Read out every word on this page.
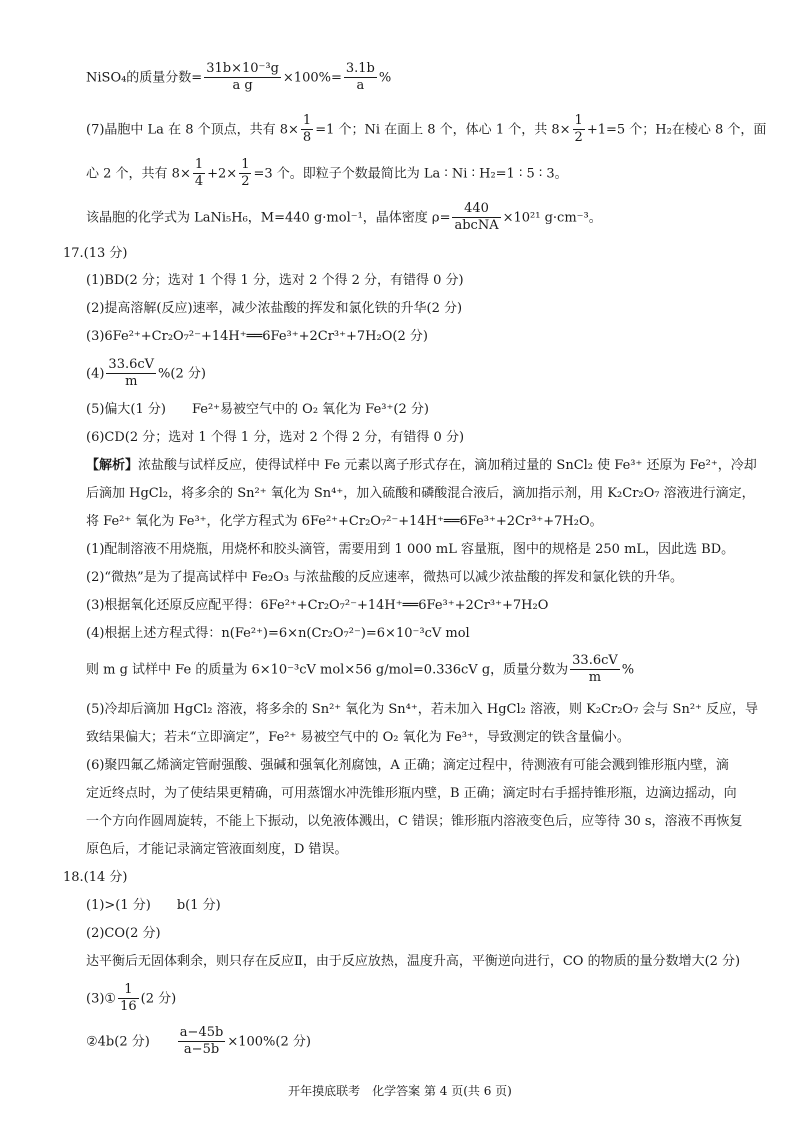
NiSO₄的质量分数= $\frac{\text{31b×10⁻³g}}{\text{a g}} \times 100\%= \frac{3.1b}{a}$ %
(7)晶胞中 La 在 8 个顶点，共有 $8\times \frac{1}{8} =1$ 个；Ni 在面上 8 个，体心 1 个，共 $8\times \frac{1}{2} +1=5$ 个；H₂在棱心 8 个，面
心 2 个，共有 $8\times \frac{1}{4} +2\times \frac{1}{2} =3$ 个。即粒子个数最简比为 La ∶ Ni ∶ H₂=1 ∶ 5 ∶ 3。
该晶胞的化学式为 LaNi₅H₆，M=440 g·mol⁻¹，晶体密度 $\rho= \frac{440}{\text{abcNA}} \times 10^{21}$ g·cm⁻³。
17.(13 分)
(1)BD(2 分；选对 1 个得 1 分，选对 2 个得 2 分，有错得 0 分)
(2)提高溶解(反应)速率，减少浓盐酸的挥发和氯化铁的升华(2 分)
(3)6Fe²⁺+Cr₂O₇²⁻+14H⁺══6Fe³⁺+2Cr³⁺+7H₂O(2 分)
$(4) \frac{33.6cV}{m} \%(2$ 分)
(5)偏大(1 分)　　Fe²⁺易被空气中的 O₂ 氧化为 Fe³⁺(2 分)
(6)CD(2 分；选对 1 个得 1 分，选对 2 个得 2 分，有错得 0 分)
【解析】浓盐酸与试样反应，使得试样中 Fe 元素以离子形式存在，滴加稍过量的 SnCl₂ 使 Fe³⁺ 还原为 Fe²⁺，冷却
后滴加 HgCl₂，将多余的 Sn²⁺ 氧化为 Sn⁴⁺，加入硫酸和磷酸混合液后，滴加指示剂，用 K₂Cr₂O₇ 溶液进行滴定，
将 Fe²⁺ 氧化为 Fe³⁺，化学方程式为 6Fe²⁺+Cr₂O₇²⁻+14H⁺══6Fe³⁺+2Cr³⁺+7H₂O。
(1)配制溶液不用烧瓶，用烧杯和胶头滴管，需要用到 1 000 mL 容量瓶，图中的规格是 250 mL，因此选 BD。
(2)“微热”是为了提高试样中 Fe₂O₃ 与浓盐酸的反应速率，微热可以减少浓盐酸的挥发和氯化铁的升华。
(3)根据氧化还原反应配平得：6Fe²⁺+Cr₂O₇²⁻+14H⁺══6Fe³⁺+2Cr³⁺+7H₂O
(4)根据上述方程式得：n(Fe²⁺)=6×n(Cr₂O₇²⁻)=6×10⁻³cV mol
则 m g 试样中 Fe 的质量为 6×10⁻³cV mol×56 g/mol=0.336cV g，质量分数为 $\frac{33.6cV}{m}$ %
(5)冷却后滴加 HgCl₂ 溶液，将多余的 Sn²⁺ 氧化为 Sn⁴⁺，若未加入 HgCl₂ 溶液，则 K₂Cr₂O₇ 会与 Sn²⁺ 反应，导
致结果偏大；若未“立即滴定”，Fe²⁺ 易被空气中的 O₂ 氧化为 Fe³⁺，导致测定的铁含量偏小。
(6)聚四氟乙烯滴定管耐强酸、强碱和强氧化剂腐蚀，A 正确；滴定过程中，待测液有可能会溅到锥形瓶内壁，滴
定近终点时，为了使结果更精确，可用蒸馏水冲洗锥形瓶内壁，B 正确；滴定时右手摇持锥形瓶，边滴边摇动，向
一个方向作圆周旋转，不能上下振动，以免液体溅出，C 错误；锥形瓶内溶液变色后，应等待 30 s，溶液不再恢复
原色后，才能记录滴定管液面刻度，D 错误。
18.(14 分)
(1)>(1 分)　　b(1 分)
(2)CO(2 分)
达平衡后无固体剩余，则只存在反应Ⅱ，由于反应放热，温度升高，平衡逆向进行，CO 的物质的量分数增大(2 分)
(3)① $\frac{1}{16} (2$ 分)
②4b(2 分)　　 $\frac{a-45b}{a-5b} \times 100\%(2$ 分)
开年摸底联考　化学答案 第 4 页(共 6 页)
